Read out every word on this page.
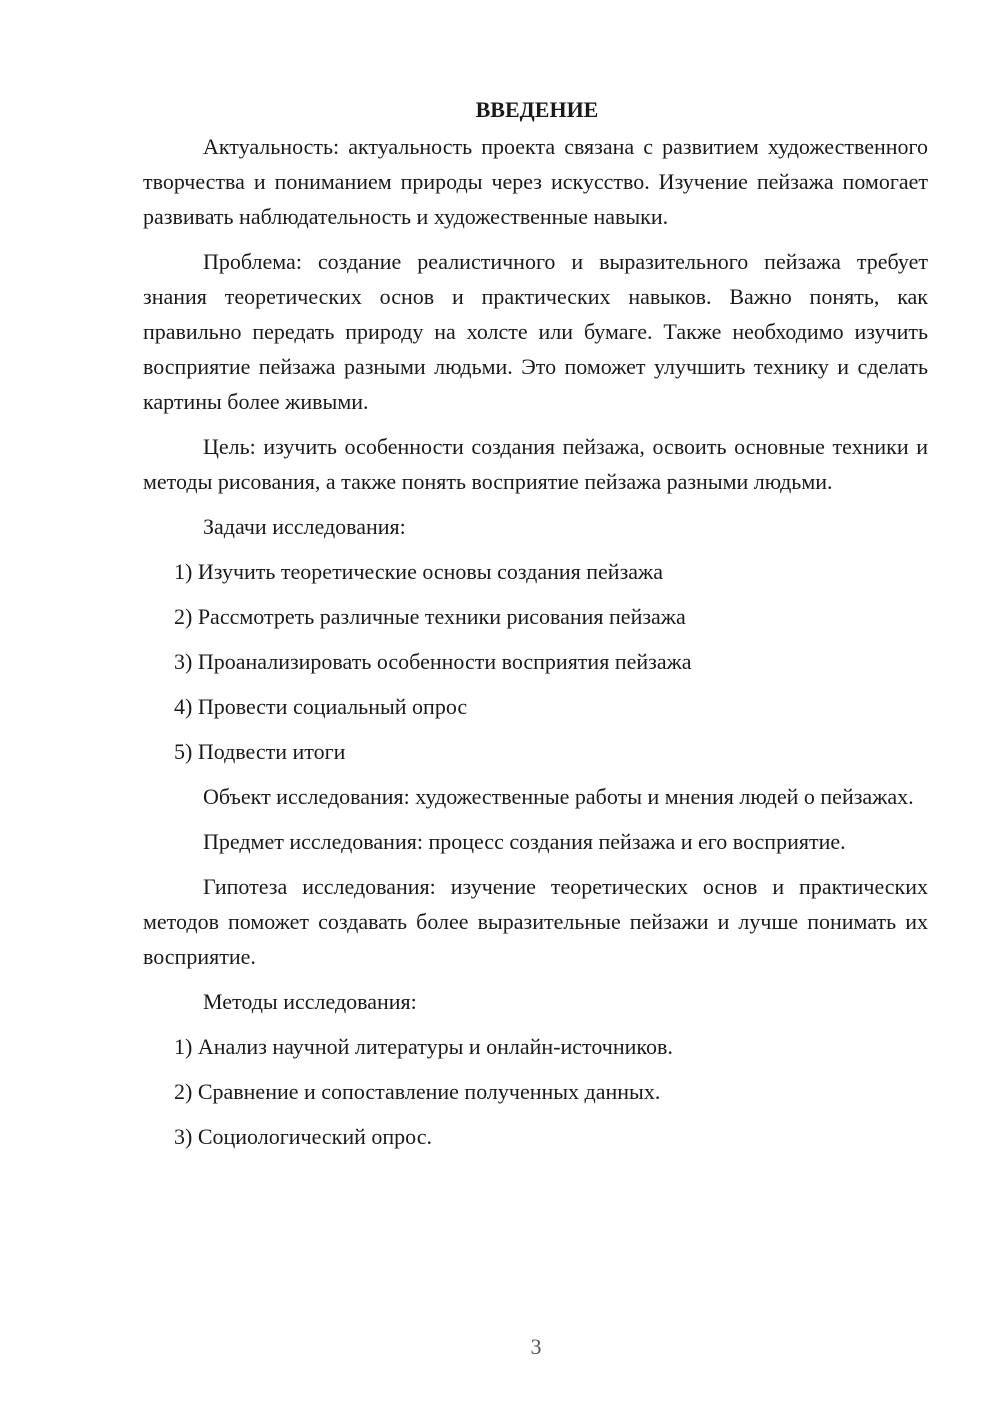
ВВЕДЕНИЕ

Актуальность: актуальность проекта связана с развитием художественного творчества и пониманием природы через искусство. Изучение пейзажа помогает развивать наблюдательность и художественные навыки.

Проблема: создание реалистичного и выразительного пейзажа требует знания теоретических основ и практических навыков. Важно понять, как правильно передать природу на холсте или бумаге. Также необходимо изучить восприятие пейзажа разными людьми. Это поможет улучшить технику и сделать картины более живыми.

Цель: изучить особенности создания пейзажа, освоить основные техники и методы рисования, а также понять восприятие пейзажа разными людьми.

Задачи исследования:

1) Изучить теоретические основы создания пейзажа

2) Рассмотреть различные техники рисования пейзажа

3) Проанализировать особенности восприятия пейзажа

4) Провести социальный опрос

5) Подвести итоги

Объект исследования: художественные работы и мнения людей о пейзажах.

Предмет исследования: процесс создания пейзажа и его восприятие.

Гипотеза исследования: изучение теоретических основ и практических методов поможет создавать более выразительные пейзажи и лучше понимать их восприятие.

Методы исследования:

1) Анализ научной литературы и онлайн-источников.

2) Сравнение и сопоставление полученных данных.

3) Социологический опрос.

3
